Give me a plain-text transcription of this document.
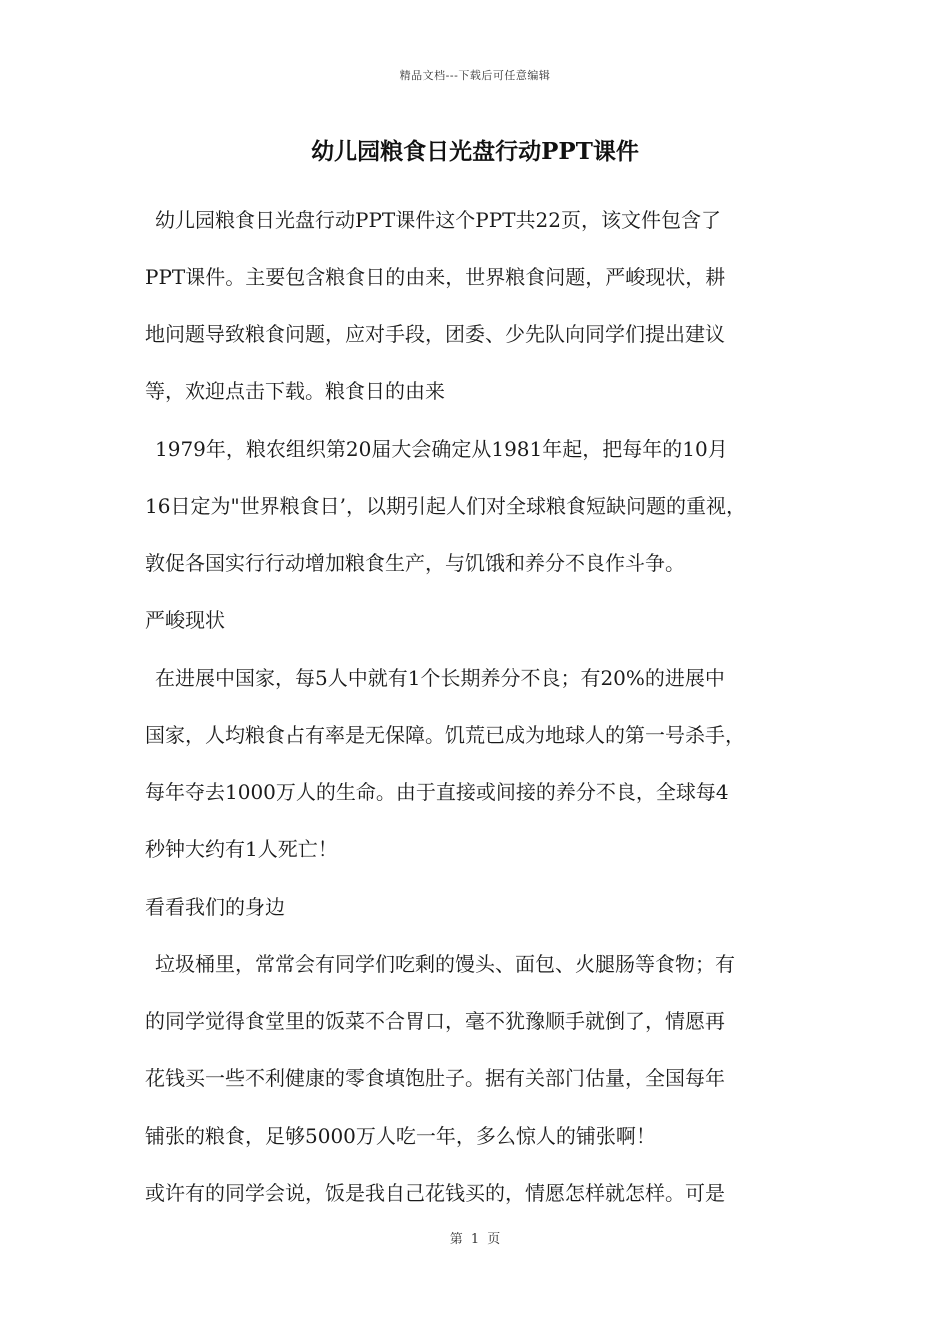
精品文档---下载后可任意编辑
幼儿园粮食日光盘行动PPT课件
幼儿园粮食日光盘行动PPT课件这个PPT共22页，该文件包含了
PPT课件。主要包含粮食日的由来，世界粮食问题，严峻现状，耕
地问题导致粮食问题，应对手段，团委、少先队向同学们提出建议
等，欢迎点击下载。粮食日的由来
1979年，粮农组织第20届大会确定从1981年起，把每年的10月
16日定为"世界粮食日’，以期引起人们对全球粮食短缺问题的重视，
敦促各国实行行动增加粮食生产，与饥饿和养分不良作斗争。
严峻现状
在进展中国家，每5人中就有1个长期养分不良；有20%的进展中
国家，人均粮食占有率是无保障。饥荒已成为地球人的第一号杀手，
每年夺去1000万人的生命。由于直接或间接的养分不良，全球每4
秒钟大约有1人死亡！
看看我们的身边
垃圾桶里，常常会有同学们吃剩的馒头、面包、火腿肠等食物；有
的同学觉得食堂里的饭菜不合胃口，毫不犹豫顺手就倒了，情愿再
花钱买一些不利健康的零食填饱肚子。据有关部门估量，全国每年
铺张的粮食，足够5000万人吃一年，多么惊人的铺张啊！
或许有的同学会说，饭是我自己花钱买的，情愿怎样就怎样。可是
第 1 页
